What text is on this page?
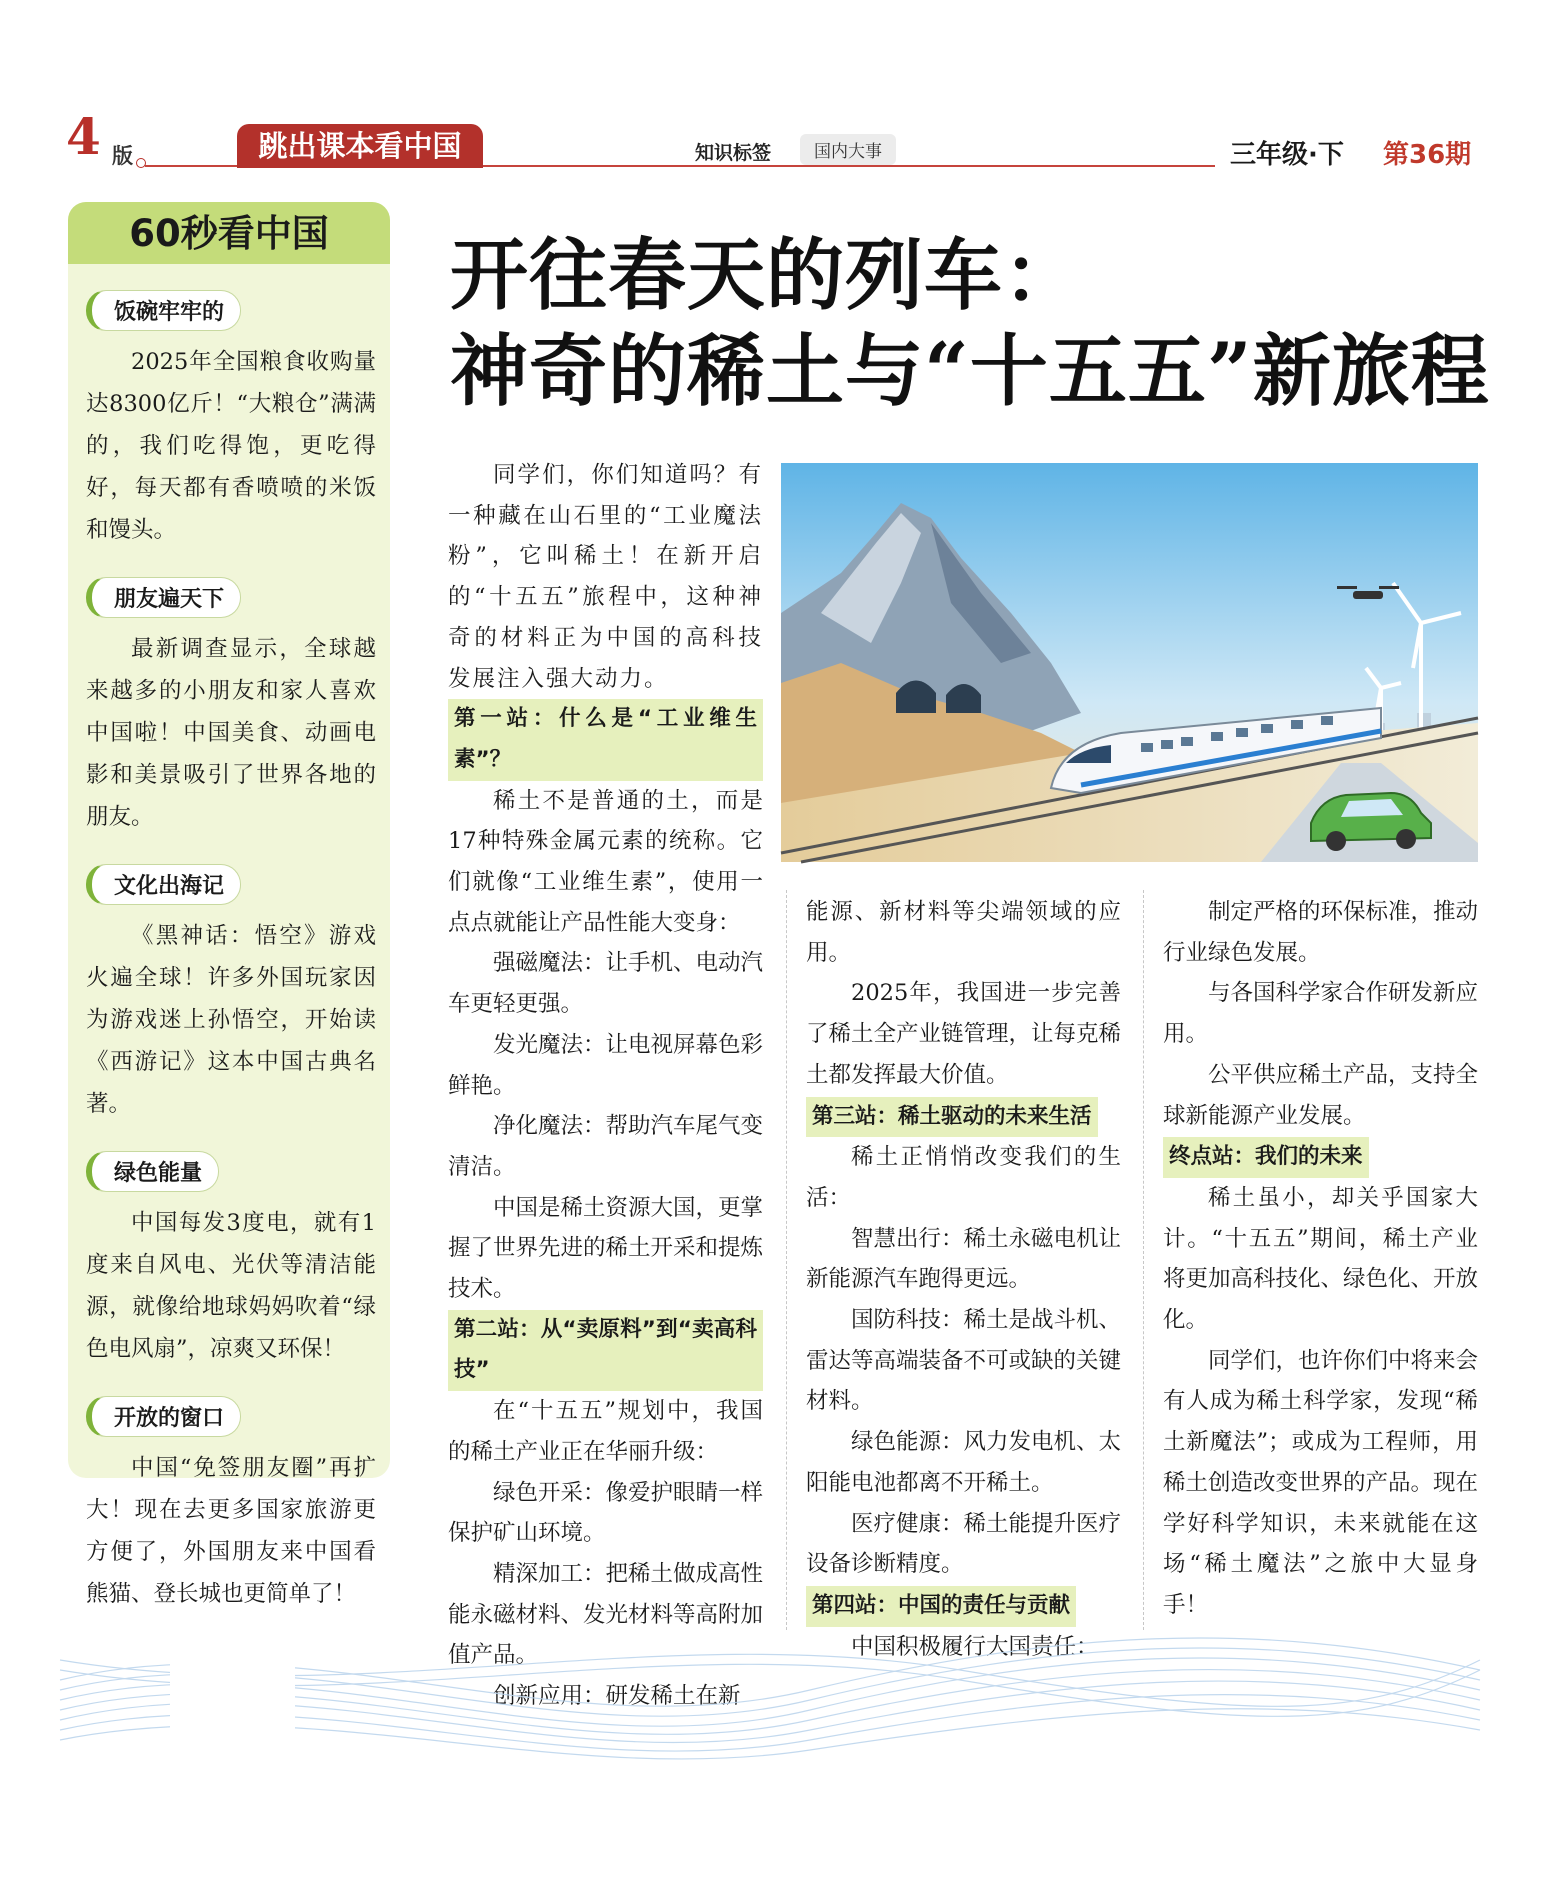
4 版	跳出课本看中国	知识标签	国内大事	三年级·下 第36期
60秒看中国
饭碗牢牢的

2025年全国粮食收购量达8300亿斤！“大粮仓”满满的，我们吃得饱，更吃得好，每天都有香喷喷的米饭和馒头。

朋友遍天下

最新调查显示，全球越来越多的小朋友和家人喜欢中国啦！中国美食、动画电影和美景吸引了世界各地的朋友。

文化出海记

《黑神话：悟空》游戏火遍全球！许多外国玩家因为游戏迷上孙悟空，开始读《西游记》这本中国古典名著。

绿色能量

中国每发3度电，就有1度来自风电、光伏等清洁能源，就像给地球妈妈吹着“绿色电风扇”，凉爽又环保！

开放的窗口

中国“免签朋友圈”再扩大！现在去更多国家旅游更方便了，外国朋友来中国看熊猫、登长城也更简单了！

开往春天的列车：
神奇的稀土与“十五五”新旅程

同学们，你们知道吗？有一种藏在山石里的“工业魔法粉”，它叫稀土！在新开启的“十五五”旅程中，这种神奇的材料正为中国的高科技发展注入强大动力。

第一站：什么是“工业维生素”？

稀土不是普通的土，而是17种特殊金属元素的统称。它们就像“工业维生素”，使用一点点就能让产品性能大变身：

强磁魔法：让手机、电动汽车更轻更强。

发光魔法：让电视屏幕色彩鲜艳。

净化魔法：帮助汽车尾气变清洁。

中国是稀土资源大国，更掌握了世界先进的稀土开采和提炼技术。

第二站：从“卖原料”到“卖高科技”

在“十五五”规划中，我国的稀土产业正在华丽升级：

绿色开采：像爱护眼睛一样保护矿山环境。

精深加工：把稀土做成高性能永磁材料、发光材料等高附加值产品。

创新应用：研发稀土在新

能源、新材料等尖端领域的应用。

2025年，我国进一步完善了稀土全产业链管理，让每克稀土都发挥最大价值。

第三站：稀土驱动的未来生活

稀土正悄悄改变我们的生活：

智慧出行：稀土永磁电机让新能源汽车跑得更远。

国防科技：稀土是战斗机、雷达等高端装备不可或缺的关键材料。

绿色能源：风力发电机、太阳能电池都离不开稀土。

医疗健康：稀土能提升医疗设备诊断精度。

第四站：中国的责任与贡献

中国积极履行大国责任：

制定严格的环保标准，推动行业绿色发展。

与各国科学家合作研发新应用。

公平供应稀土产品，支持全球新能源产业发展。

终点站：我们的未来

稀土虽小，却关乎国家大计。“十五五”期间，稀土产业将更加高科技化、绿色化、开放化。

同学们，也许你们中将来会有人成为稀土科学家，发现“稀土新魔法”；或成为工程师，用稀土创造改变世界的产品。现在学好科学知识，未来就能在这场“稀土魔法”之旅中大显身手！
